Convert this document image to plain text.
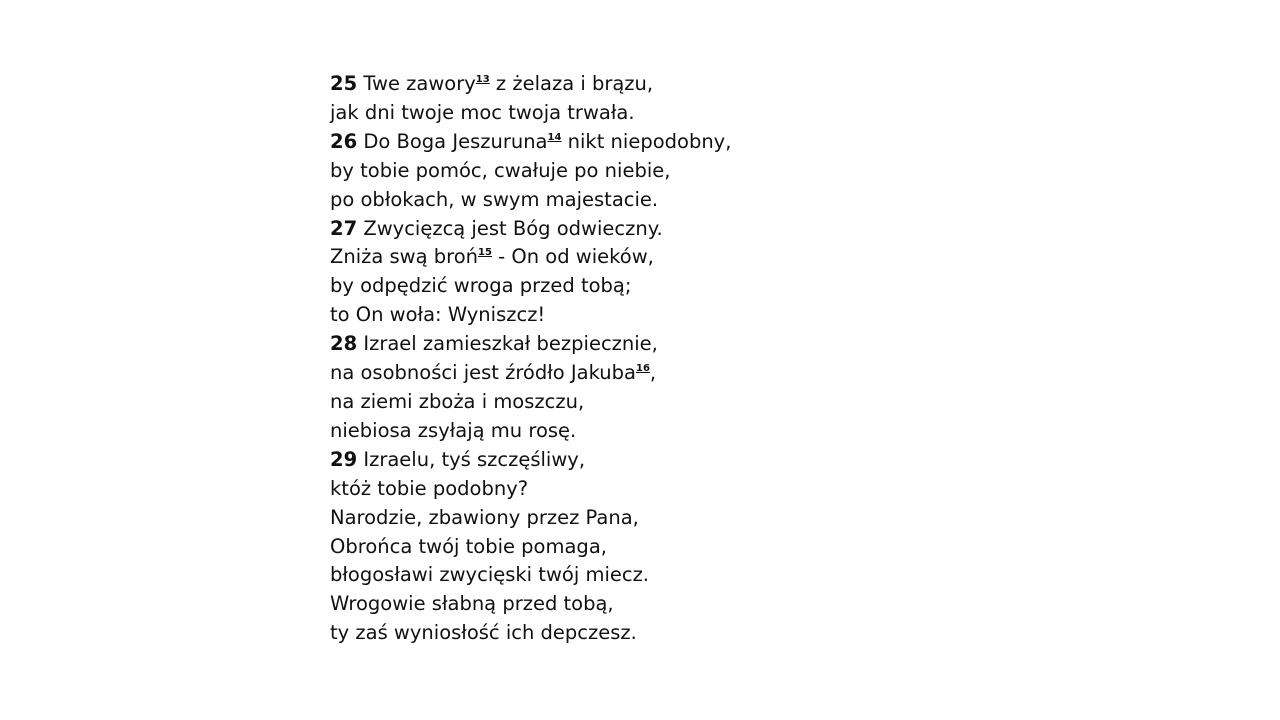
25 Twe zawory$^{13}$ z żelaza i brązu,
jak dni twoje moc twoja trwała.
26 Do Boga Jeszuruna$^{14}$ nikt niepodobny,
by tobie pomóc, cwałuje po niebie,
po obłokach, w swym majestacie.
27 Zwycięzcą jest Bóg odwieczny.
Zniża swą broń$^{15}$ - On od wieków,
by odpędzić wroga przed tobą;
to On woła: Wyniszcz!
28 Izrael zamieszkał bezpiecznie,
na osobności jest źródło Jakuba$^{16}$,
na ziemi zboża i moszczu,
niebiosa zsyłają mu rosę.
29 Izraelu, tyś szczęśliwy,
któż tobie podobny?
Narodzie, zbawiony przez Pana,
Obrońca twój tobie pomaga,
błogosławi zwycięski twój miecz.
Wrogowie słabną przed tobą,
ty zaś wyniosłość ich depczesz.
